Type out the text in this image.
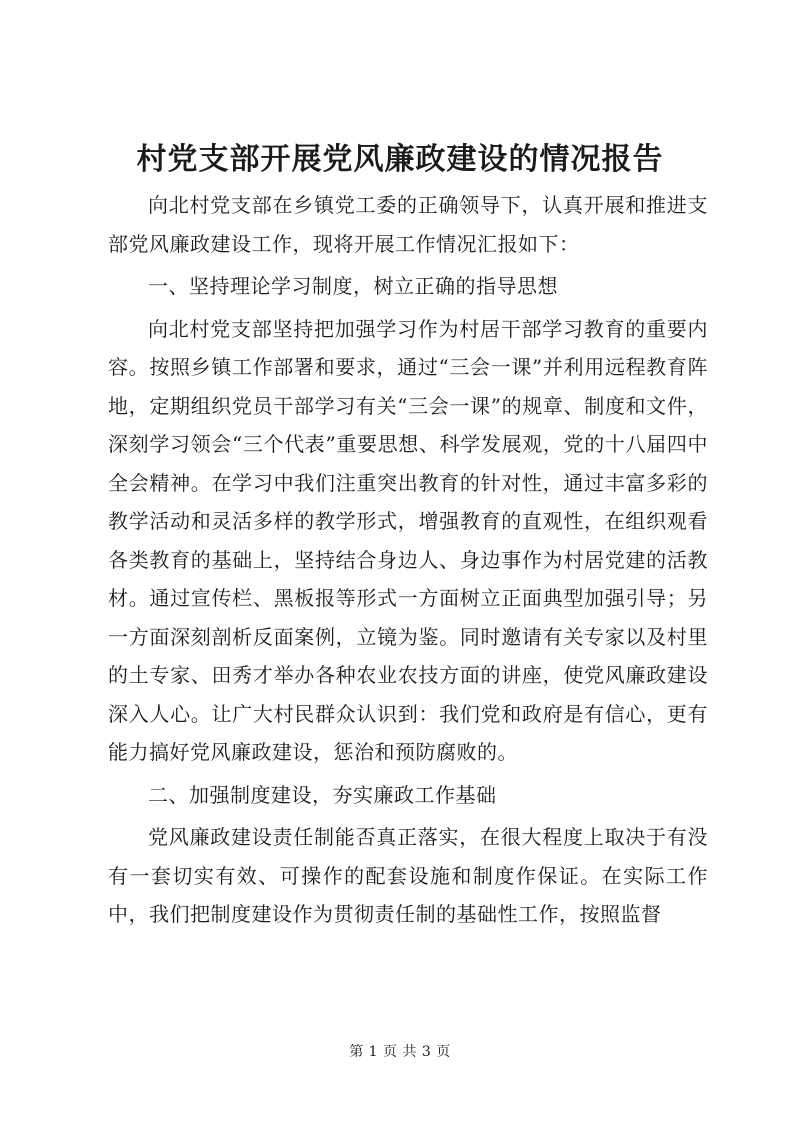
村党支部开展党风廉政建设的情况报告

向北村党支部在乡镇党工委的正确领导下，认真开展和推进支部党风廉政建设工作，现将开展工作情况汇报如下：

一、坚持理论学习制度，树立正确的指导思想

向北村党支部坚持把加强学习作为村居干部学习教育的重要内容。按照乡镇工作部署和要求，通过“三会一课”并利用远程教育阵地，定期组织党员干部学习有关“三会一课”的规章、制度和文件，深刻学习领会“三个代表”重要思想、科学发展观，党的十八届四中全会精神。在学习中我们注重突出教育的针对性，通过丰富多彩的教学活动和灵活多样的教学形式，增强教育的直观性，在组织观看各类教育的基础上，坚持结合身边人、身边事作为村居党建的活教材。通过宣传栏、黑板报等形式一方面树立正面典型加强引导；另一方面深刻剖析反面案例，立镜为鉴。同时邀请有关专家以及村里的土专家、田秀才举办各种农业农技方面的讲座，使党风廉政建设深入人心。让广大村民群众认识到：我们党和政府是有信心，更有能力搞好党风廉政建设，惩治和预防腐败的。

二、加强制度建设，夯实廉政工作基础

党风廉政建设责任制能否真正落实，在很大程度上取决于有没有一套切实有效、可操作的配套设施和制度作保证。在实际工作中，我们把制度建设作为贯彻责任制的基础性工作，按照监督

第 1 页 共 3 页
